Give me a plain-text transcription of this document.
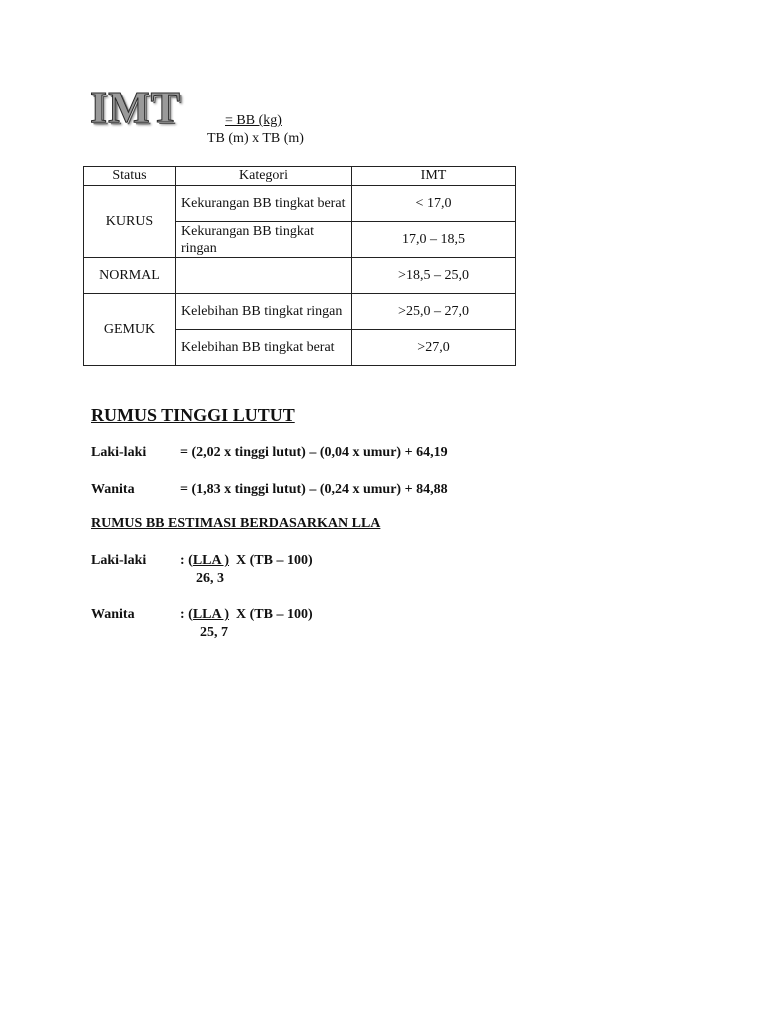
IMT	= BB (kg)
TB (m) x TB (m)
Status	Kategori	IMT
KURUS	Kekurangan BB tingkat berat	< 17,0
	Kekurangan BB tingkat ringan	17,0 – 18,5
NORMAL		>18,5 – 25,0
GEMUK	Kelebihan BB tingkat ringan	>25,0 – 27,0
	Kelebihan BB tingkat berat	>27,0
RUMUS TINGGI LUTUT
Laki-laki = (2,02 x tinggi lutut) – (0,04 x umur) + 64,19
Wanita	= (1,83 x tinggi lutut) – (0,24 x umur) + 84,88
RUMUS BB ESTIMASI BERDASARKAN LLA
Laki-laki : (LLA ) X (TB – 100)
26, 3
Wanita	: (LLA ) X (TB – 100)
25, 7
